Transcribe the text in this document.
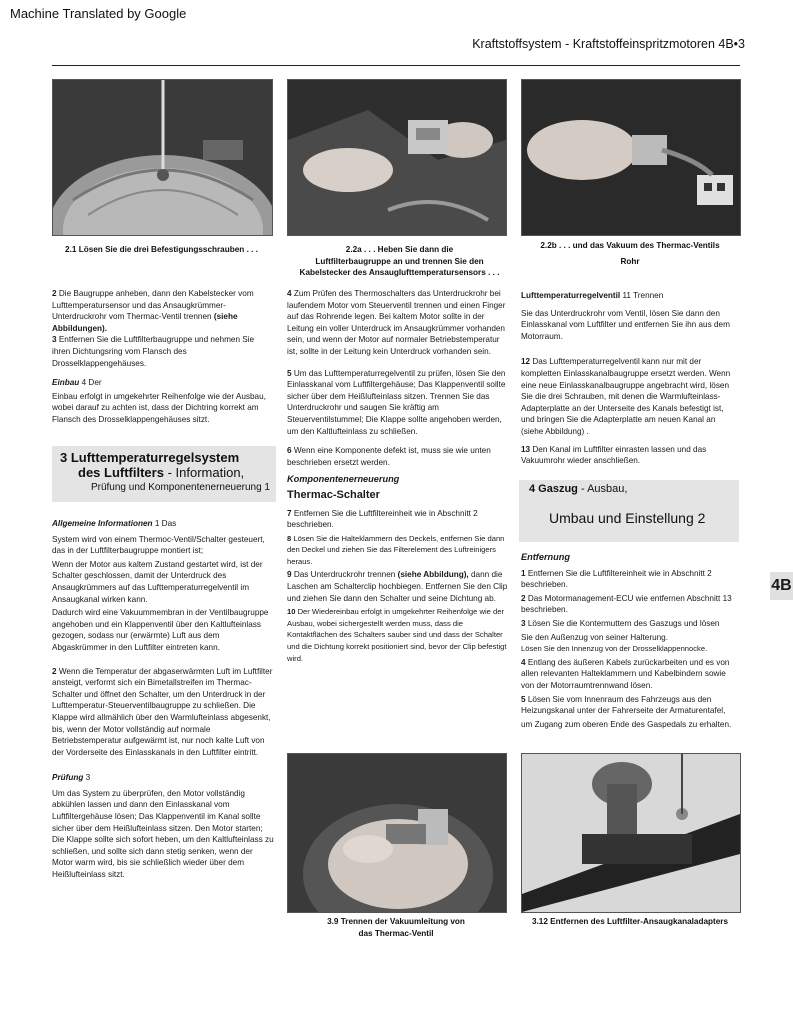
Machine Translated by Google
Kraftstoffsystem - Kraftstoffeinspritzmotoren 4B•3
4B
2.1 Lösen Sie die drei Befestigungsschrauben . . .	2.2a . . . Heben Sie dann die
Luftfilterbaugruppe an und trennen Sie den
Kabelstecker des Ansauglufttemperatursensors . . .
2.2b . . . und das Vakuum des Thermac-Ventils
Rohr

2 Die Baugruppe anheben, dann den Kabelstecker vom Lufttemperatursensor und das Ansaugkrümmer-Unterdruckrohr vom Thermac-Ventil trennen (siehe Abbildungen).
3 Entfernen Sie die Luftfilterbaugruppe und nehmen Sie ihren Dichtungsring vom Flansch des Drosselklappengehäuses.

Einbau 4 Der

Einbau erfolgt in umgekehrter Reihenfolge wie der Ausbau, wobei darauf zu achten ist, dass der Dichtring korrekt am Flansch des Drosselklappengehäuses sitzt.

3 Lufttemperaturregelsystem
des Luftfilters - Information,
Prüfung und Komponentenerneuerung 1

Allgemeine Informationen 1 Das

System wird von einem Thermoc-Ventil/Schalter gesteuert, das in der Luftfilterbaugruppe montiert ist;

Wenn der Motor aus kaltem Zustand gestartet wird, ist der Schalter geschlossen, damit der Unterdruck des Ansaugkrümmers auf das Lufttemperaturregelventil im Ansaugkanal wirken kann.

Dadurch wird eine Vakuummembran in der Ventilbaugruppe angehoben und ein Klappenventil über den Kaltlufteinlass gezogen, sodass nur (erwärmte) Luft aus dem Abgaskrümmer in den Luftfilter eintreten kann.

2 Wenn die Temperatur der abgaserwärmten Luft im Luftfilter ansteigt, verformt sich ein Bimetallstreifen im Thermac-Schalter und öffnet den Schalter, um den Unterdruck in der Lufttemperatur-Steuerventilbaugruppe zu schließen. Die Klappe wird allmählich über den Warmlufteinlass abgesenkt, bis, wenn der Motor vollständig auf normale Betriebstemperatur aufgewärmt ist, nur noch kalte Luft von der Vorderseite des Einlasskanals in den Luftfilter eintritt.

Prüfung 3

Um das System zu überprüfen, den Motor vollständig abkühlen lassen und dann den Einlasskanal vom Luftfiltergehäuse lösen; Das Klappenventil im Kanal sollte sicher über dem Heißlufteinlass sitzen. Den Motor starten; Die Klappe sollte sich sofort heben, um den Kaltlufteinlass zu schließen, und sollte sich dann stetig senken, wenn der Motor warm wird, bis sie schließlich wieder über dem Heißlufteinlass sitzt.

4 Zum Prüfen des Thermoschalters das Unterdruckrohr bei laufendem Motor vom Steuerventil trennen und einen Finger auf das Rohrende legen. Bei kaltem Motor sollte in der Leitung ein voller Unterdruck im Ansaugkrümmer vorhanden sein, und wenn der Motor auf normaler Betriebstemperatur ist, sollte in der Leitung kein Unterdruck vorhanden sein.

5 Um das Lufttemperaturregelventil zu prüfen, lösen Sie den Einlasskanal vom Luftfiltergehäuse; Das Klappenventil sollte sicher über dem Heißlufteinlass sitzen. Trennen Sie das Unterdruckrohr und saugen Sie kräftig am Steuerventilstummel; Die Klappe sollte angehoben werden, um den Kaltlufteinlass zu schließen.

6 Wenn eine Komponente defekt ist, muss sie wie unten beschrieben ersetzt werden.

Komponentenerneuerung
Thermac-Schalter

7 Entfernen Sie die Luftfiltereinheit wie in Abschnitt 2 beschrieben.

8 Lösen Sie die Halteklammern des Deckels, entfernen Sie dann den Deckel und ziehen Sie das Filterelement des Luftreinigers heraus.

9 Das Unterdruckrohr trennen (siehe Abbildung), dann die Laschen am Schalterclip hochbiegen. Entfernen Sie den Clip und ziehen Sie dann den Schalter und seine Dichtung ab.

10 Der Wiedereinbau erfolgt in umgekehrter Reihenfolge wie der Ausbau, wobei sichergestellt werden muss, dass die Kontaktflächen des Schalters sauber sind und dass der Schalter und die Dichtung korrekt positioniert sind, bevor der Clip befestigt wird.

Lufttemperaturregelventil 11 Trennen

Sie das Unterdruckrohr vom Ventil, lösen Sie dann den Einlasskanal vom Luftfilter und entfernen Sie ihn aus dem Motorraum.

12 Das Lufttemperaturregelventil kann nur mit der kompletten Einlasskanalbaugruppe ersetzt werden. Wenn eine neue Einlasskanalbaugruppe angebracht wird, lösen Sie die drei Schrauben, mit denen die Warmlufteinlass-Adapterplatte an der Unterseite des Kanals befestigt ist, und bringen Sie die Adapterplatte am neuen Kanal an (siehe Abbildung) .

13 Den Kanal im Luftfilter einrasten lassen und das Vakuumrohr wieder anschließen.

4 Gaszug - Ausbau,
Umbau und Einstellung 2
Entfernung

1 Entfernen Sie die Luftfiltereinheit wie in Abschnitt 2 beschrieben.

2 Das Motormanagement-ECU wie entfernen Abschnitt 13 beschrieben.

3 Lösen Sie die Kontermuttern des Gaszugs und lösen

Sie den Außenzug von seiner Halterung.

Lösen Sie den Innenzug von der Drosselklappennocke.

4 Entlang des äußeren Kabels zurückarbeiten und es von allen relevanten Halteklammern und Kabelbindern sowie von der Motorraumtrennwand lösen.

5 Lösen Sie vom Innenraum des Fahrzeugs aus den Heizungskanal unter der Fahrerseite der Armaturentafel,

um Zugang zum oberen Ende des Gaspedals zu erhalten.

3.9 Trennen der Vakuumleitung von
das Thermac-Ventil
3.12 Entfernen des Luftfilter-Ansaugkanaladapters
